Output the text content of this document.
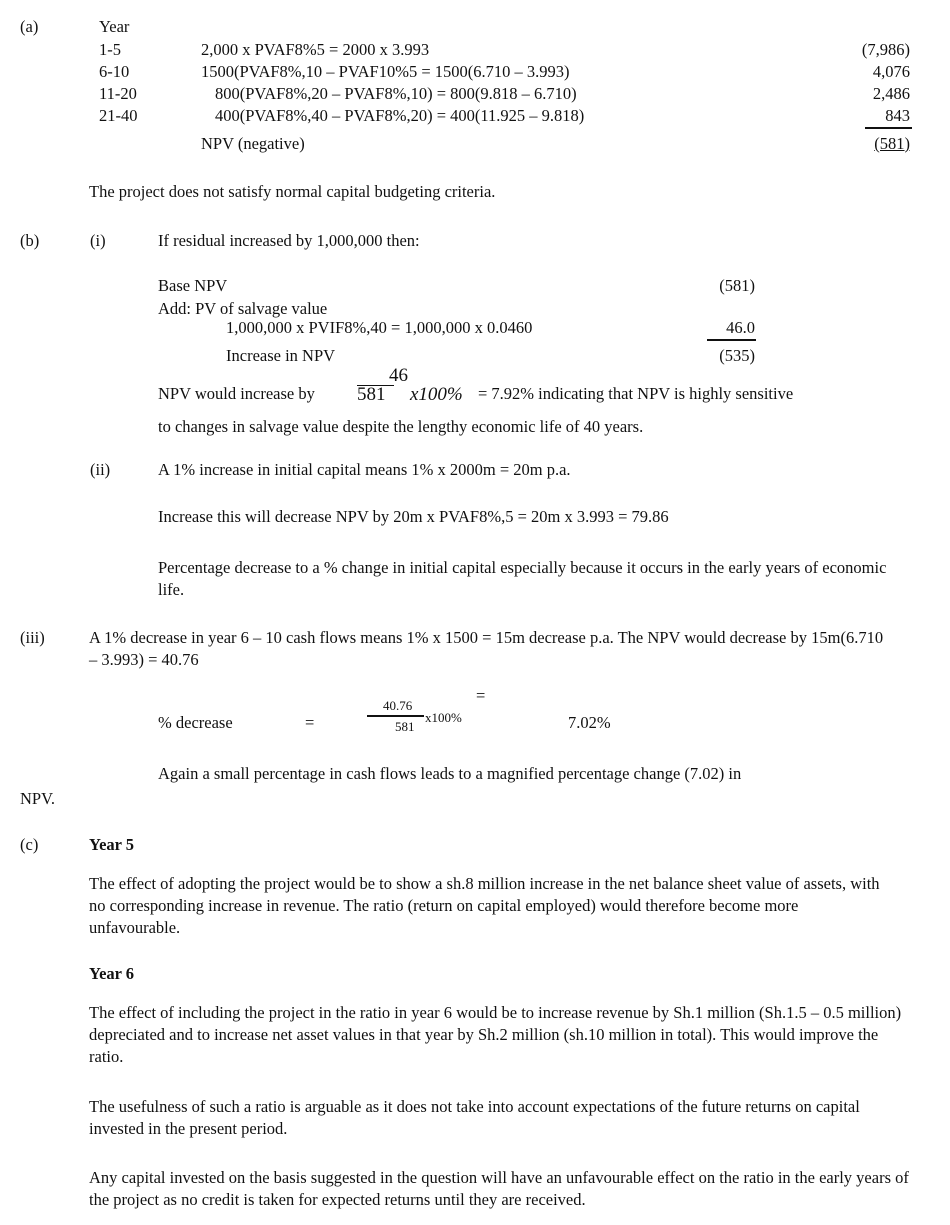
(a)	Year
1-5	2,000 x PVAF8%5 = 2000 x 3.993	(7,986)
6-10	1500(PVAF8%,10 – PVAF10%5 = 1500(6.710 – 3.993)	4,076
11-20	800(PVAF8%,20 – PVAF8%,10) = 800(9.818 – 6.710)	2,486
21-40	400(PVAF8%,40 – PVAF8%,20) = 400(11.925 – 9.818)	843
NPV (negative)	(581)
The project does not satisfy normal capital budgeting criteria.
(b)	(i)	If residual increased by 1,000,000 then:
Base NPV	(581)
Add: PV of salvage value
1,000,000 x PVIF8%,40 = 1,000,000 x 0.0460	46.0
Increase in NPV	(535)
46
NPV would increase by 581	x100% = 7.92% indicating that NPV is highly sensitive
to changes in salvage value despite the lengthy economic life of 40 years.
(ii)	A 1% increase in initial capital means 1% x 2000m = 20m p.a.
Increase this will decrease NPV by 20m x PVAF8%,5 = 20m x 3.993 = 79.86
Percentage decrease to a % change in initial capital especially because it occurs in the early years of economic life.
(iii)	A 1% decrease in year 6 – 10 cash flows means 1% x 1500 = 15m decrease p.a. The NPV would decrease by 15m(6.710 – 3.993) = 40.76
=
% decrease	=
40.76
581
x100%	7.02%
Again a small percentage in cash flows leads to a magnified percentage change (7.02) in
NPV.
(c)	Year 5
The effect of adopting the project would be to show a sh.8 million increase in the net balance sheet value of assets, with no corresponding increase in revenue. The ratio (return on capital employed) would therefore become more unfavourable.
Year 6
The effect of including the project in the ratio in year 6 would be to increase revenue by Sh.1 million (Sh.1.5 – 0.5 million) depreciated and to increase net asset values in that year by Sh.2 million (sh.10 million in total). This would improve the ratio.
The usefulness of such a ratio is arguable as it does not take into account expectations of the future returns on capital invested in the present period.
Any capital invested on the basis suggested in the question will have an unfavourable effect on the ratio in the early years of the project as no credit is taken for expected returns until they are received.
